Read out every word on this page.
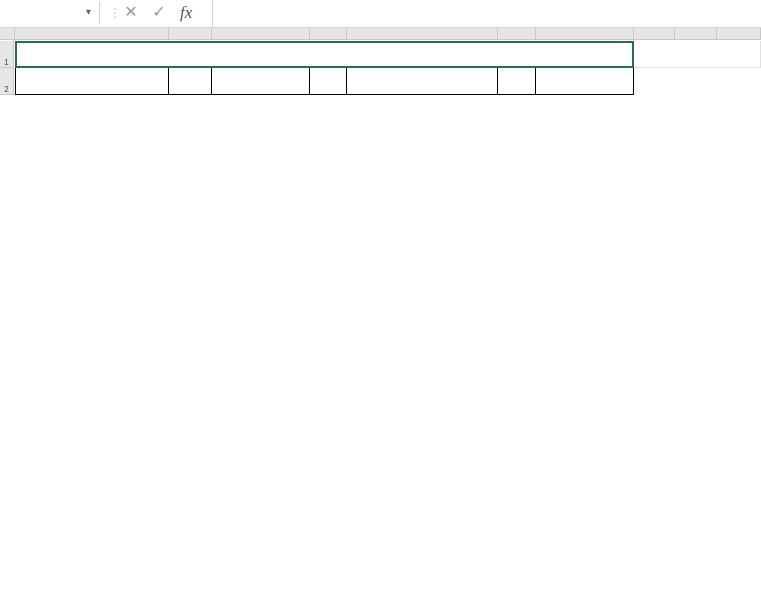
▾	⋮ ✕ ✓ fx
1
2
